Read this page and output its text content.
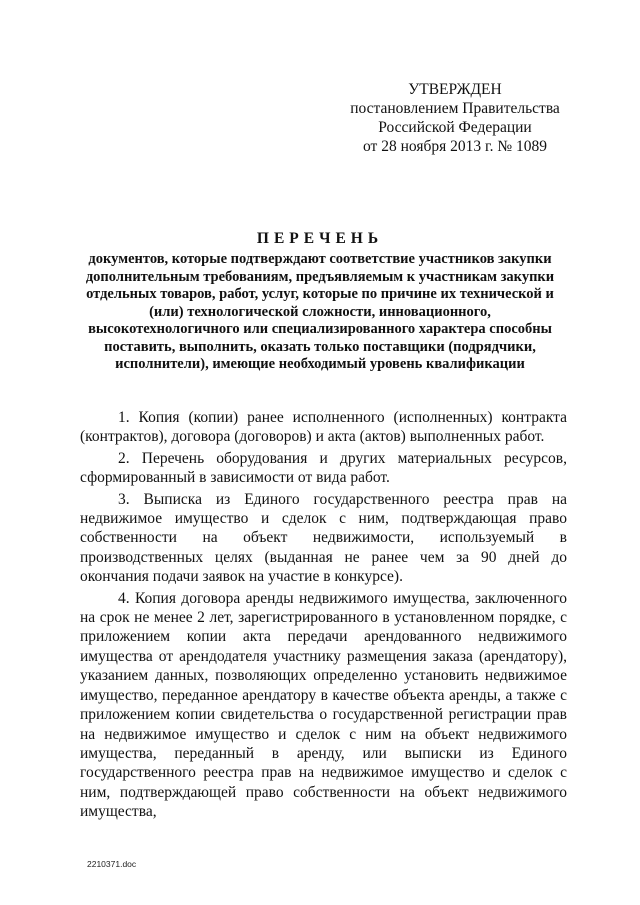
УТВЕРЖДЕН
постановлением Правительства
Российской Федерации
от 28 ноября 2013 г. № 1089
ПЕРЕЧЕНЬ
документов, которые подтверждают соответствие участников закупки дополнительным требованиям, предъявляемым к участникам закупки отдельных товаров, работ, услуг, которые по причине их технической и (или) технологической сложности, инновационного, высокотехнологичного или специализированного характера способны поставить, выполнить, оказать только поставщики (подрядчики, исполнители), имеющие необходимый уровень квалификации

1. Копия (копии) ранее исполненного (исполненных) контракта (контрактов), договора (договоров) и акта (актов) выполненных работ.

2. Перечень оборудования и других материальных ресурсов, сформированный в зависимости от вида работ.

3. Выписка из Единого государственного реестра прав на недвижимое имущество и сделок с ним, подтверждающая право собственности на объект недвижимости, используемый в производственных целях (выданная не ранее чем за 90 дней до окончания подачи заявок на участие в конкурсе).

4. Копия договора аренды недвижимого имущества, заключенного на срок не менее 2 лет, зарегистрированного в установленном порядке, с приложением копии акта передачи арендованного недвижимого имущества от арендодателя участнику размещения заказа (арендатору), указанием данных, позволяющих определенно установить недвижимое имущество, переданное арендатору в качестве объекта аренды, а также с приложением копии свидетельства о государственной регистрации прав на недвижимое имущество и сделок с ним на объект недвижимого имущества, переданный в аренду, или выписки из Единого государственного реестра прав на недвижимое имущество и сделок с ним, подтверждающей право собственности на объект недвижимого имущества,

2210371.doc
